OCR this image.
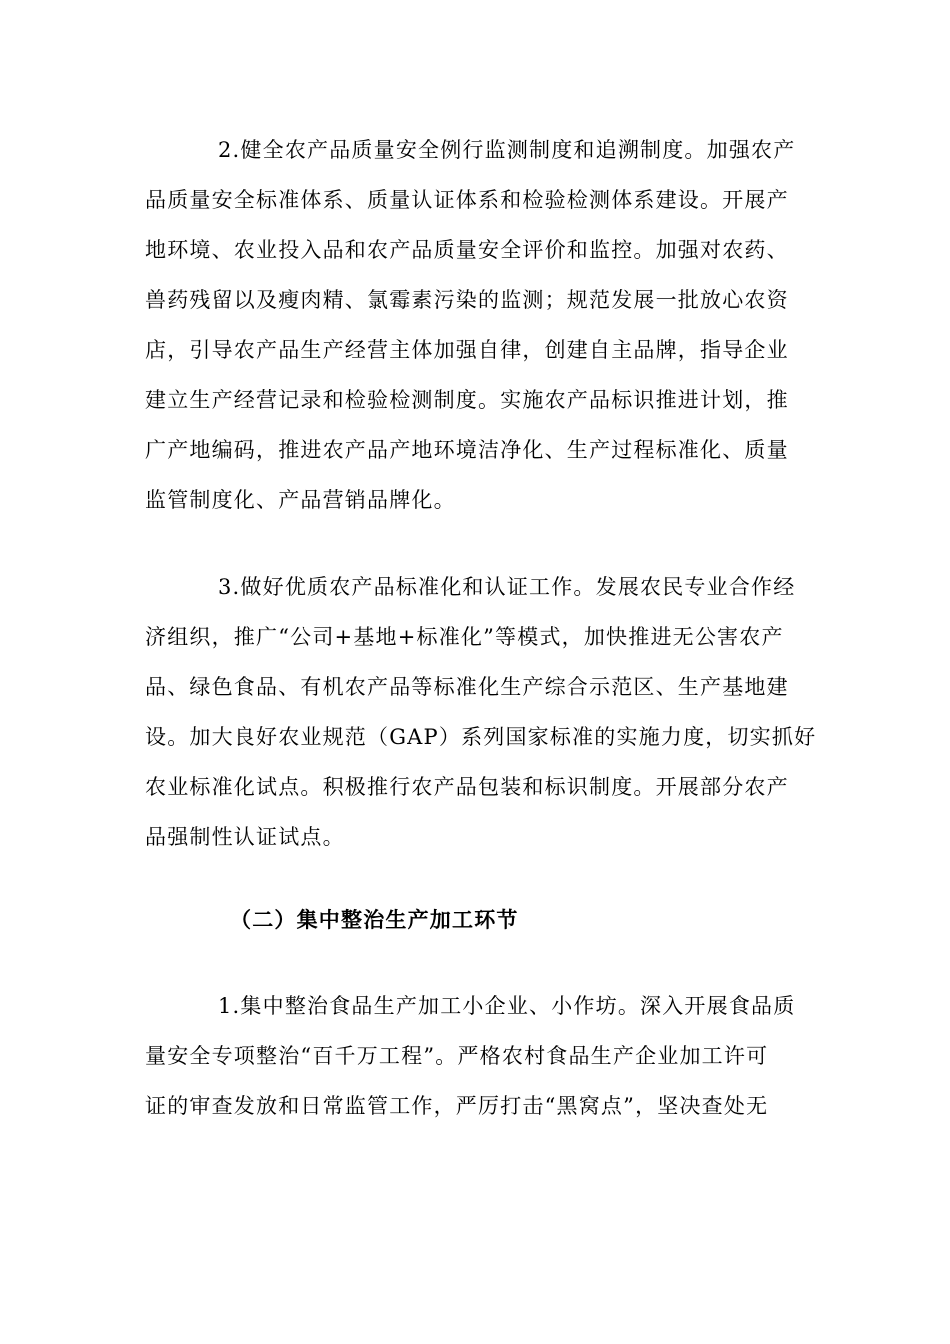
2.健全农产品质量安全例行监测制度和追溯制度。加强农产
品质量安全标准体系、质量认证体系和检验检测体系建设。开展产
地环境、农业投入品和农产品质量安全评价和监控。加强对农药、
兽药残留以及瘦肉精、氯霉素污染的监测；规范发展一批放心农资
店，引导农产品生产经营主体加强自律，创建自主品牌，指导企业
建立生产经营记录和检验检测制度。实施农产品标识推进计划，推
广产地编码，推进农产品产地环境洁净化、生产过程标准化、质量
监管制度化、产品营销品牌化。

3.做好优质农产品标准化和认证工作。发展农民专业合作经
济组织，推广“公司+基地+标准化”等模式，加快推进无公害农产
品、绿色食品、有机农产品等标准化生产综合示范区、生产基地建
设。加大良好农业规范（GAP）系列国家标准的实施力度，切实抓好
农业标准化试点。积极推行农产品包装和标识制度。开展部分农产
品强制性认证试点。

（二）集中整治生产加工环节

1.集中整治食品生产加工小企业、小作坊。深入开展食品质
量安全专项整治“百千万工程”。严格农村食品生产企业加工许可
证的审查发放和日常监管工作，严厉打击“黑窝点”，坚决查处无
